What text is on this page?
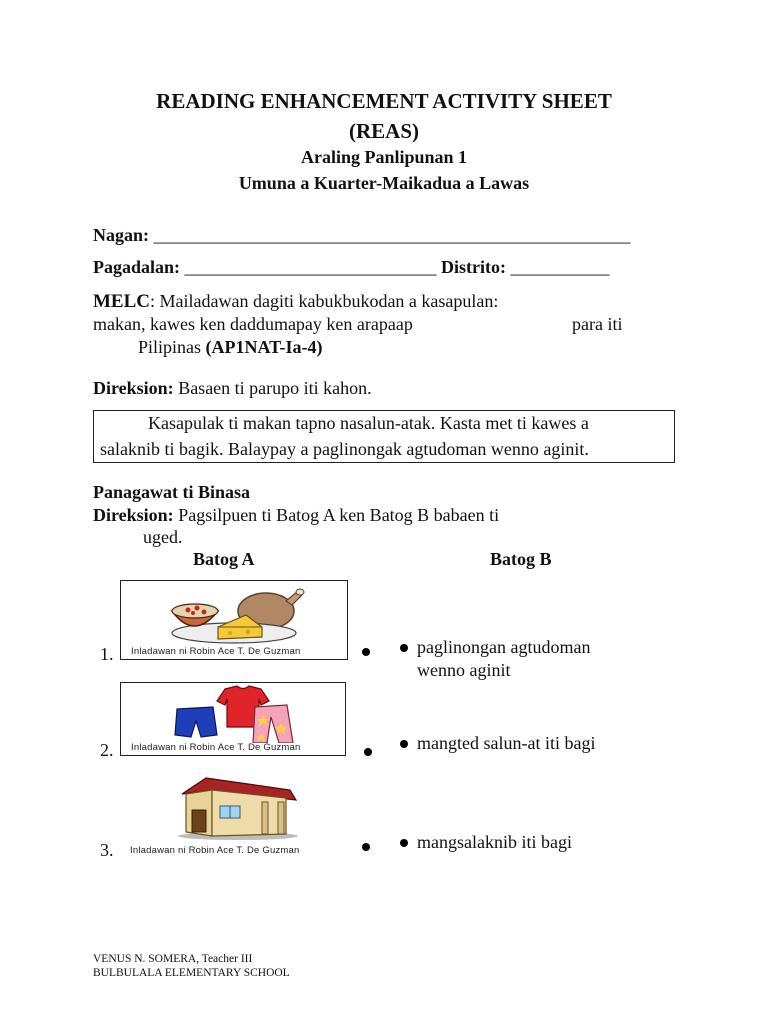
READING ENHANCEMENT ACTIVITY SHEET
(REAS)
Araling Panlipunan 1
Umuna a Kuarter-Maikadua a Lawas
Nagan: _____________________________________________________
Pagadalan: ____________________________ Distrito: ___________
MELC: Mailadawan dagiti kabukbukodan a kasapulan:
makan, kawes ken daddumapay ken arapaap	para iti
Pilipinas (AP1NAT-Ia-4)
Direksion: Basaen ti parupo iti kahon.
Kasapulak ti makan tapno nasalun-atak. Kasta met ti kawes a
salaknib ti bagik. Balaypay a paglinongak agtudoman wenno aginit.
Panagawat ti Binasa
Direksion: Pagsilpuen ti Batog A ken Batog B babaen ti
uged.
Batog A	Batog B
1. Inladawan ni Robin Ace T. De Guzman
2. Inladawan ni Robin Ace T. De Guzman
3. Inladawan ni Robin Ace T. De Guzman
paglinongan agtudoman
wenno aginit
mangted salun-at iti bagi
mangsalaknib iti bagi
VENUS N. SOMERA, Teacher III
BULBULALA ELEMENTARY SCHOOL
